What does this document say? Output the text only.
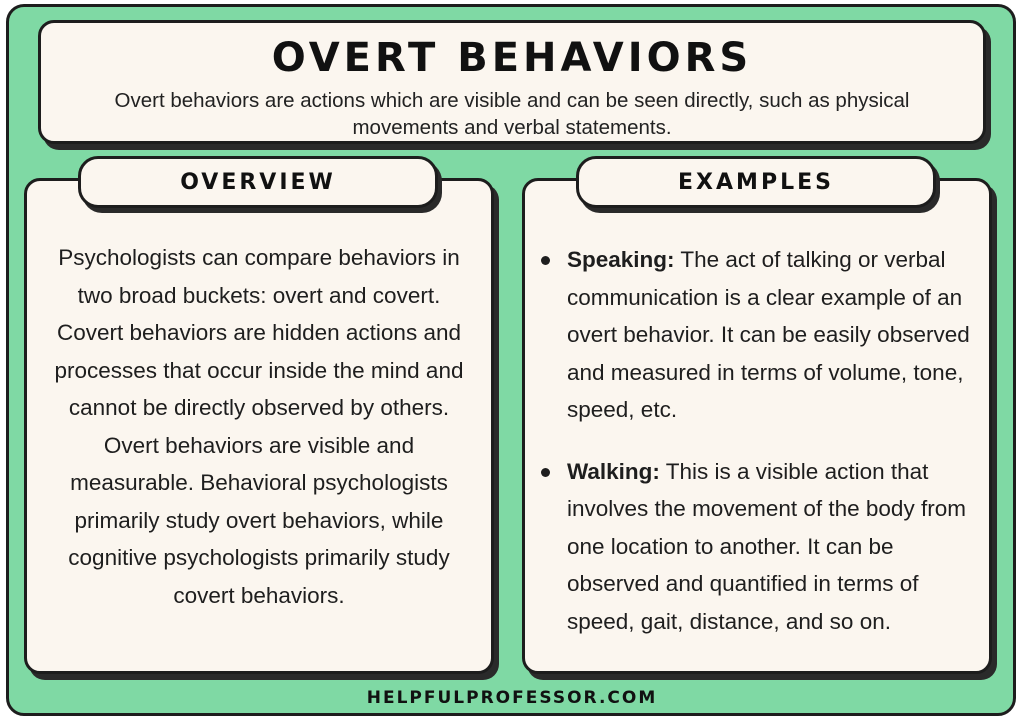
OVERT BEHAVIORS
Overt behaviors are actions which are visible and can be seen directly, such as physical movements and verbal statements.
Psychologists can compare behaviors in two broad buckets: overt and covert. Covert behaviors are hidden actions and processes that occur inside the mind and cannot be directly observed by others. Overt behaviors are visible and measurable. Behavioral psychologists primarily study overt behaviors, while cognitive psychologists primarily study covert behaviors.
OVERVIEW
Speaking: The act of talking or verbal communication is a clear example of an overt behavior. It can be easily observed and measured in terms of volume, tone, speed, etc.
Walking: This is a visible action that involves the movement of the body from one location to another. It can be observed and quantified in terms of speed, gait, distance, and so on.
EXAMPLES
HELPFULPROFESSOR.COM
